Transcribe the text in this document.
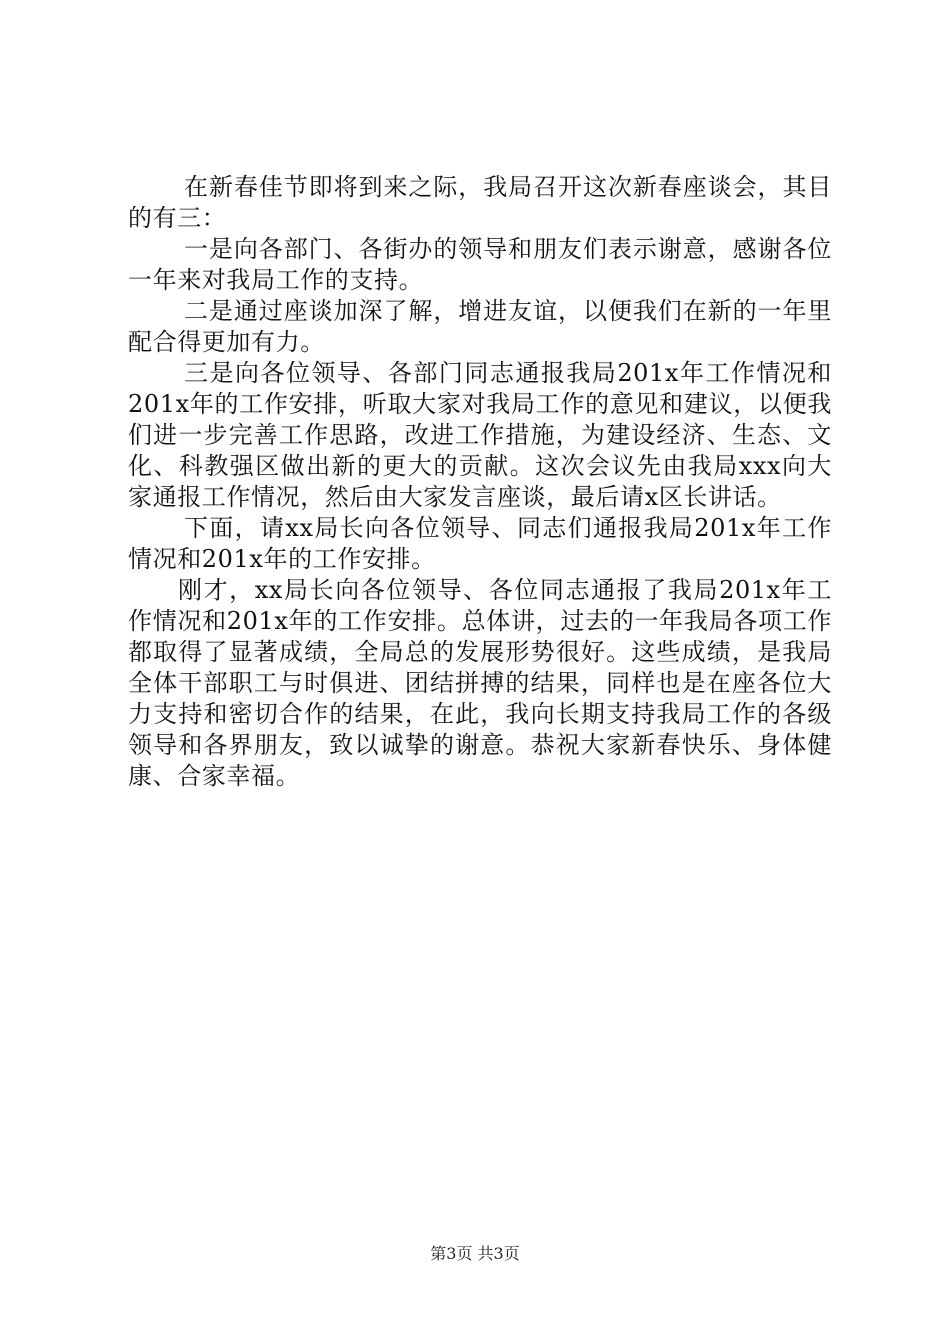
在新春佳节即将到来之际，我局召开这次新春座谈会，其目的有三：

一是向各部门、各街办的领导和朋友们表示谢意，感谢各位一年来对我局工作的支持。

二是通过座谈加深了解，增进友谊，以便我们在新的一年里配合得更加有力。

三是向各位领导、各部门同志通报我局201x年工作情况和201x年的工作安排，听取大家对我局工作的意见和建议，以便我们进一步完善工作思路，改进工作措施，为建设经济、生态、文化、科教强区做出新的更大的贡献。这次会议先由我局xxx向大家通报工作情况，然后由大家发言座谈，最后请x区长讲话。

下面，请xx局长向各位领导、同志们通报我局201x年工作情况和201x年的工作安排。

刚才，xx局长向各位领导、各位同志通报了我局201x年工作情况和201x年的工作安排。总体讲，过去的一年我局各项工作都取得了显著成绩，全局总的发展形势很好。这些成绩，是我局全体干部职工与时俱进、团结拼搏的结果，同样也是在座各位大力支持和密切合作的结果，在此，我向长期支持我局工作的各级领导和各界朋友，致以诚挚的谢意。恭祝大家新春快乐、身体健康、合家幸福。

第3页 共3页
